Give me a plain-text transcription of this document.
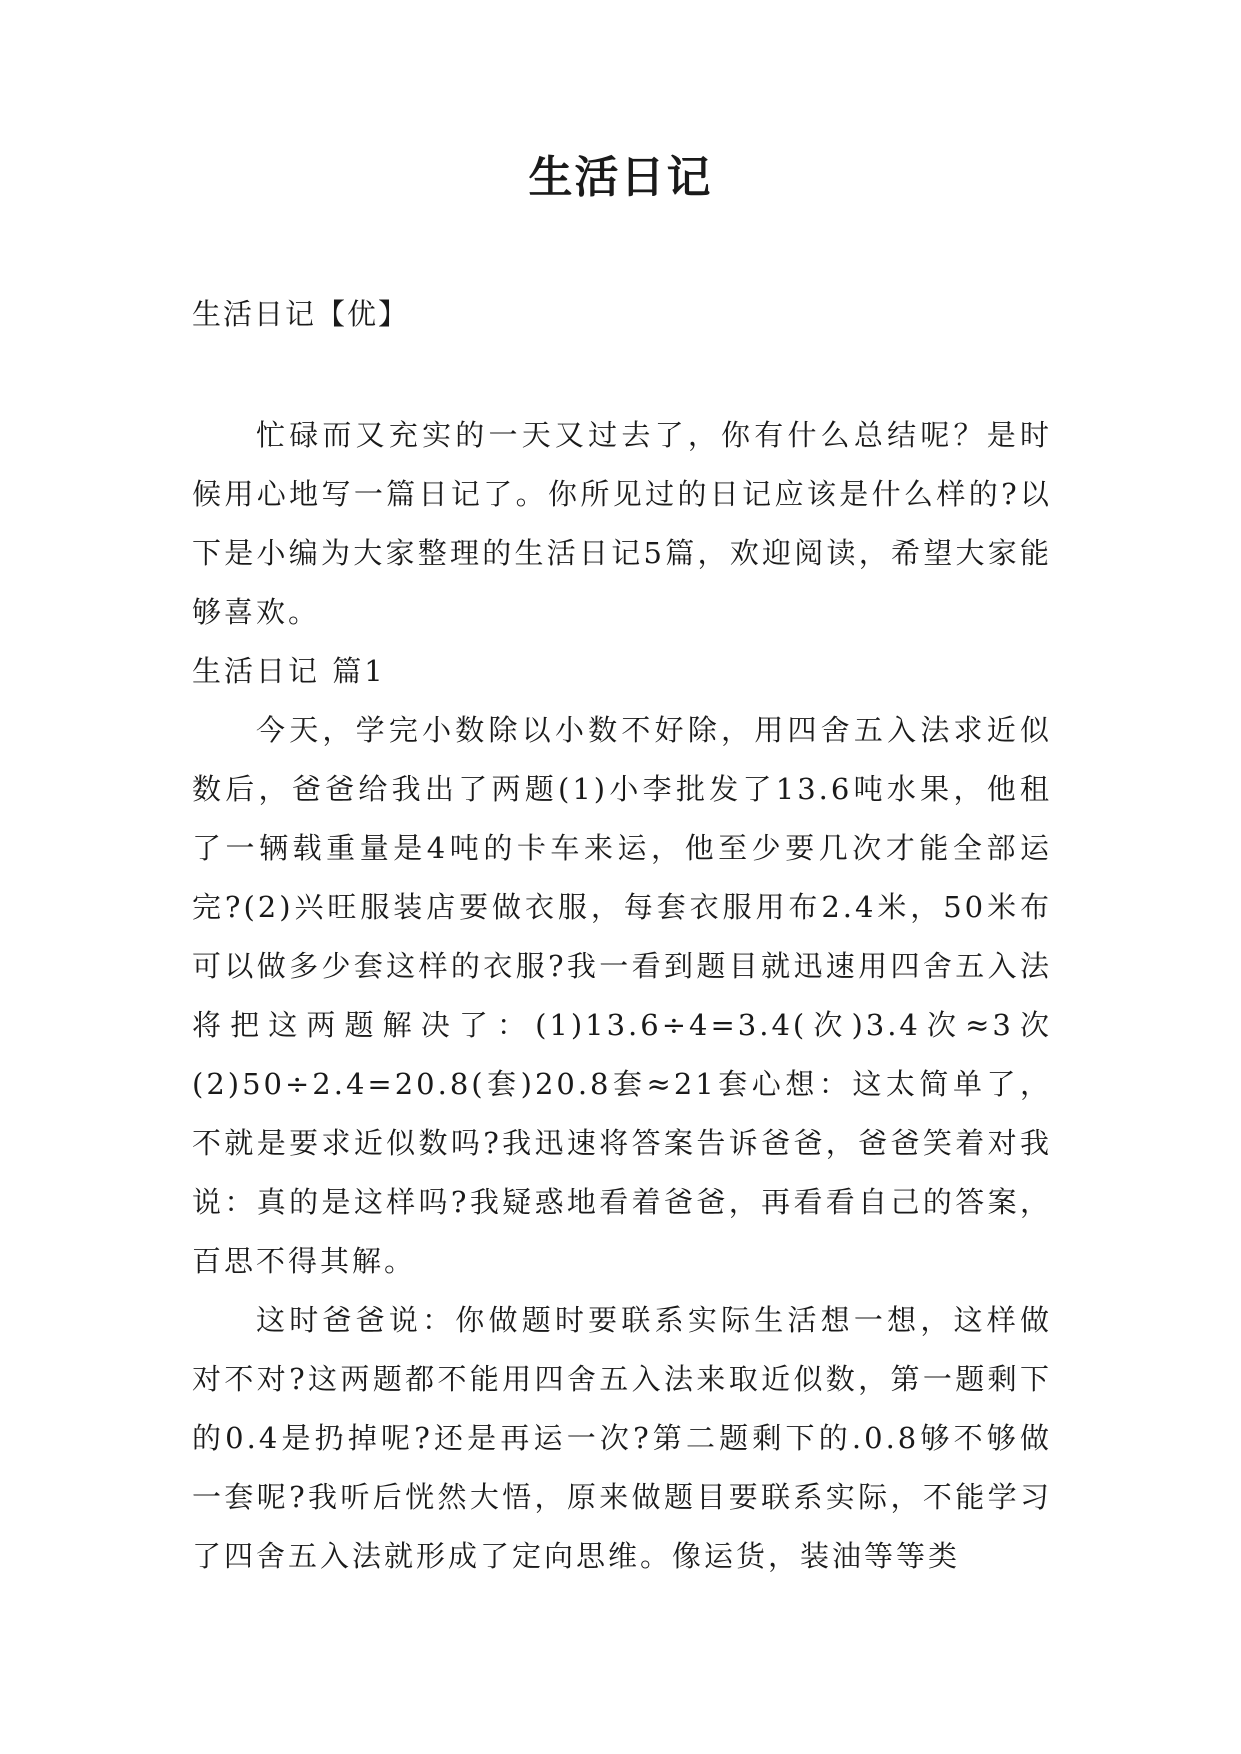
生活日记

生活日记【优】

忙碌而又充实的一天又过去了，你有什么总结呢？是时候用心地写一篇日记了。你所见过的日记应该是什么样的?以下是小编为大家整理的生活日记5篇，欢迎阅读，希望大家能够喜欢。

生活日记 篇1

今天，学完小数除以小数不好除，用四舍五入法求近似数后，爸爸给我出了两题(1)小李批发了13.6吨水果，他租了一辆载重量是4吨的卡车来运，他至少要几次才能全部运完?(2)兴旺服装店要做衣服，每套衣服用布2.4米，50米布可以做多少套这样的衣服?我一看到题目就迅速用四舍五入法将把这两题解决了：(1)13.6÷4=3.4(次)3.4次≈3次(2)50÷2.4=20.8(套)20.8套≈21套心想：这太简单了，不就是要求近似数吗?我迅速将答案告诉爸爸，爸爸笑着对我说：真的是这样吗?我疑惑地看着爸爸，再看看自己的答案，百思不得其解。

这时爸爸说：你做题时要联系实际生活想一想，这样做对不对?这两题都不能用四舍五入法来取近似数，第一题剩下的0.4是扔掉呢?还是再运一次?第二题剩下的.0.8够不够做一套呢?我听后恍然大悟，原来做题目要联系实际，不能学习了四舍五入法就形成了定向思维。像运货，装油等等类
